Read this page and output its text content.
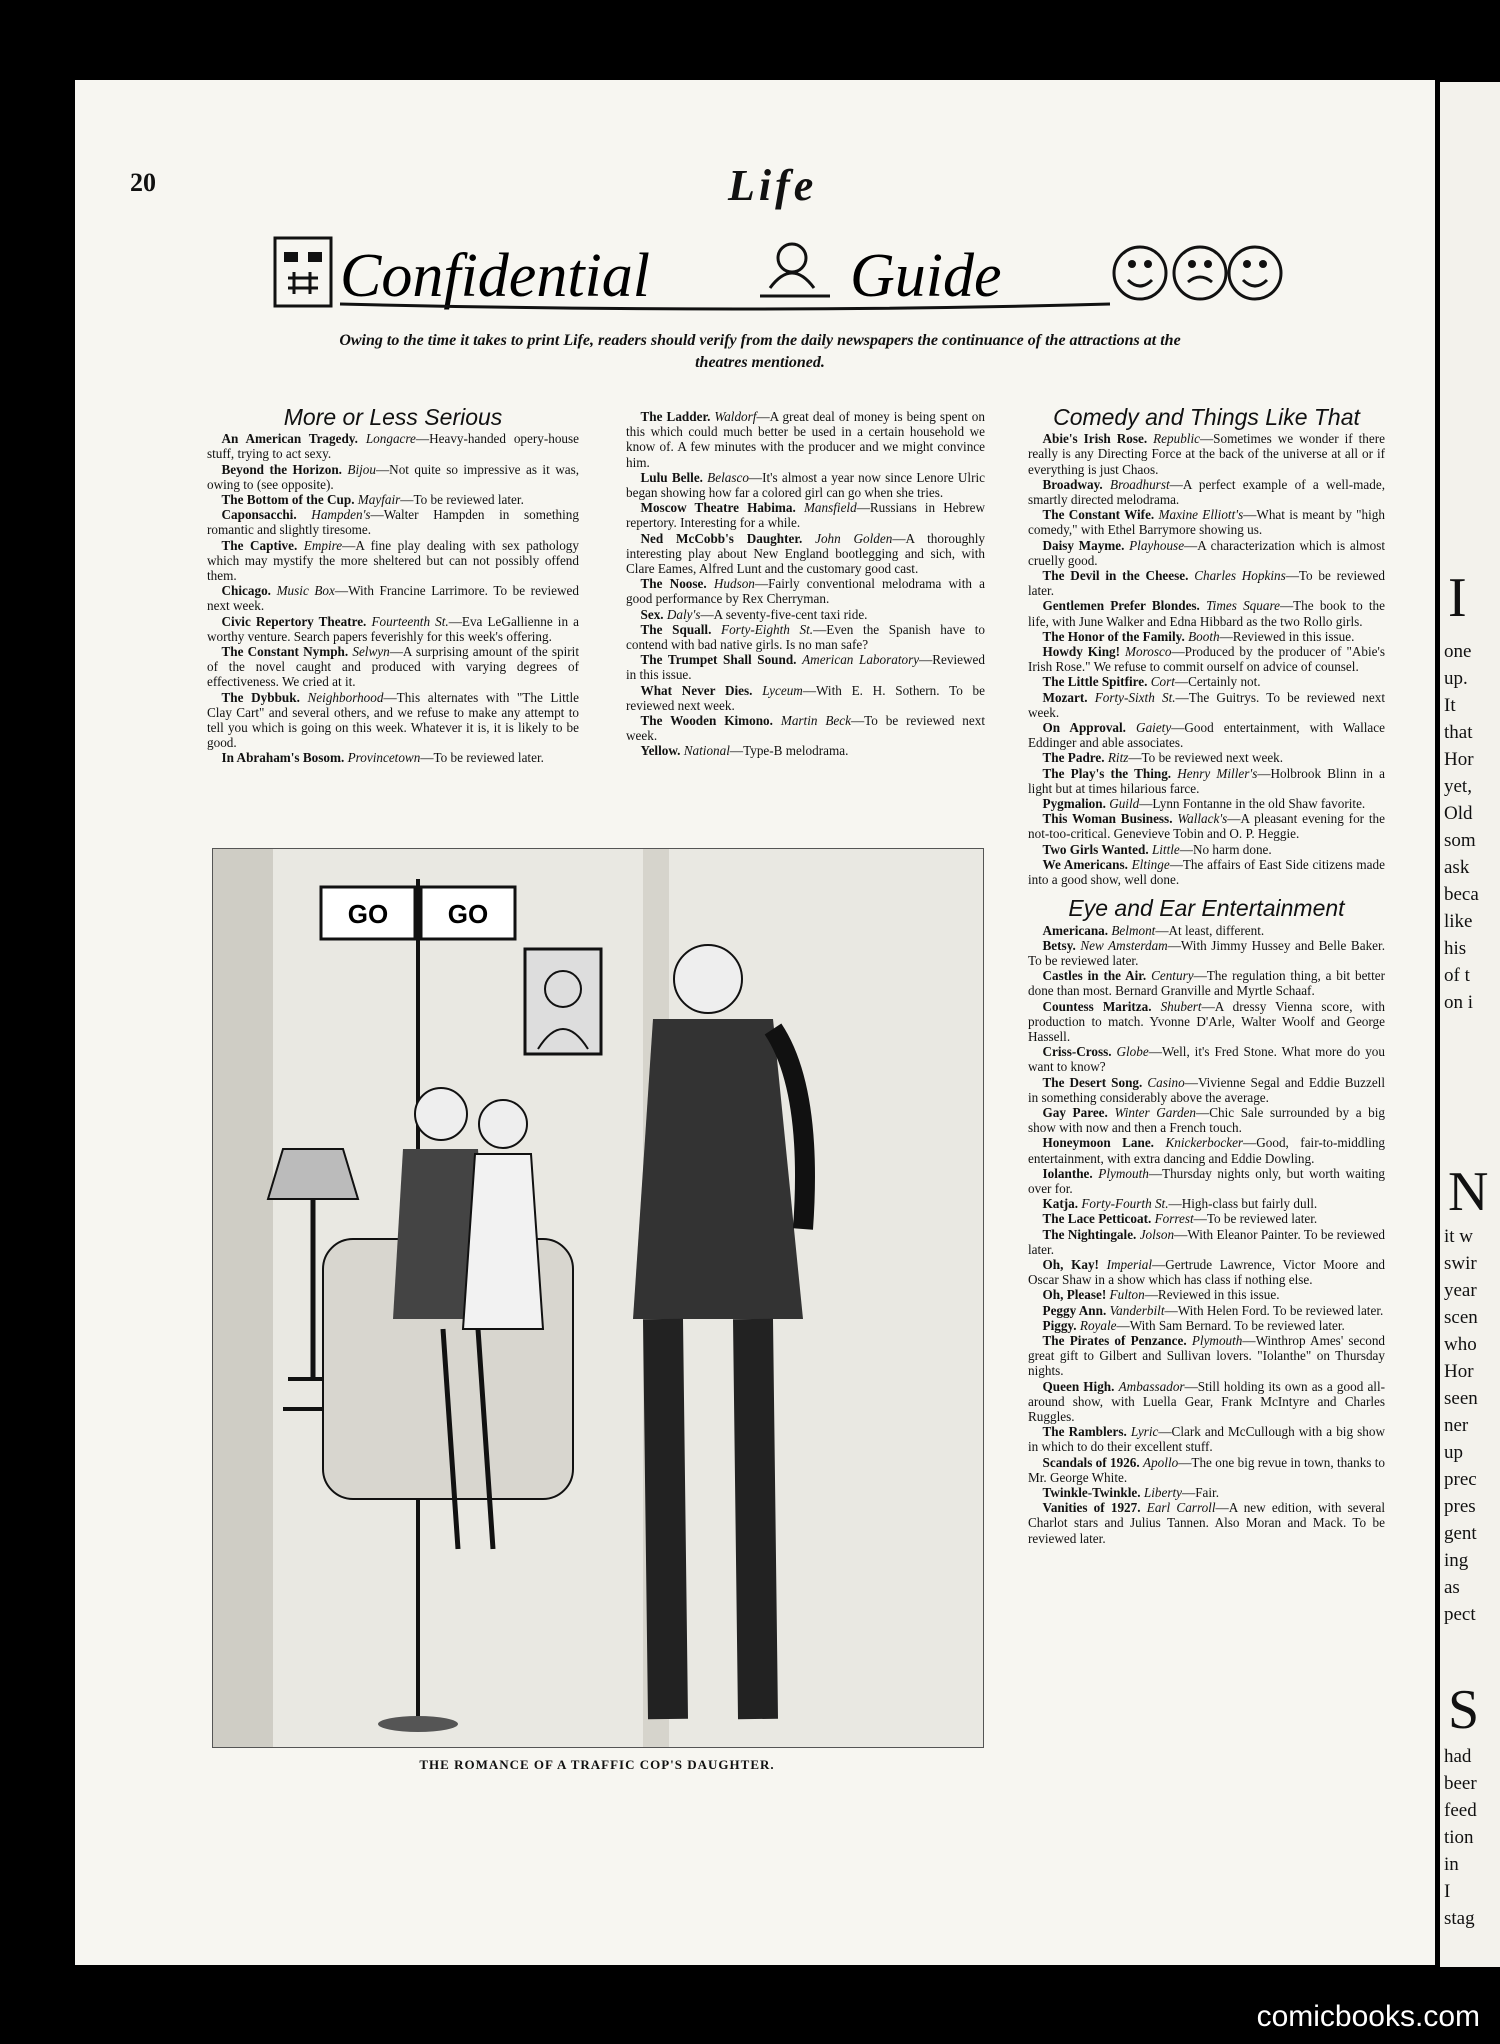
I
one
up.
It
that
Hor
yet,
Old
som
ask
beca
like
his
of t
on i
N
it w
swir
year
scen
who
Hor
seen
ner
up
prec
pres
gent
ing
as
pect
S
had
beer
feed
tion
in
I
stag
20	Life
Confidential	Guide
Owing to the time it takes to print Life, readers should verify from the daily newspapers the continuance of the attractions at the theatres mentioned.
More or Less Serious

An American Tragedy. Longacre—Heavy-handed opery-house stuff, trying to act sexy.

Beyond the Horizon. Bijou—Not quite so impressive as it was, owing to (see opposite).

The Bottom of the Cup. Mayfair—To be reviewed later.

Caponsacchi. Hampden's—Walter Hampden in something romantic and slightly tiresome.

The Captive. Empire—A fine play dealing with sex pathology which may mystify the more sheltered but can not possibly offend them.

Chicago. Music Box—With Francine Larrimore. To be reviewed next week.

Civic Repertory Theatre. Fourteenth St.—Eva LeGallienne in a worthy venture. Search papers feverishly for this week's offering.

The Constant Nymph. Selwyn—A surprising amount of the spirit of the novel caught and produced with varying degrees of effectiveness. We cried at it.

The Dybbuk. Neighborhood—This alternates with "The Little Clay Cart" and several others, and we refuse to make any attempt to tell you which is going on this week. Whatever it is, it is likely to be good.

In Abraham's Bosom. Provincetown—To be reviewed later.

The Ladder. Waldorf—A great deal of money is being spent on this which could much better be used in a certain household we know of. A few minutes with the producer and we might convince him.

Lulu Belle. Belasco—It's almost a year now since Lenore Ulric began showing how far a colored girl can go when she tries.

Moscow Theatre Habima. Mansfield—Russians in Hebrew repertory. Interesting for a while.

Ned McCobb's Daughter. John Golden—A thoroughly interesting play about New England bootlegging and sich, with Clare Eames, Alfred Lunt and the customary good cast.

The Noose. Hudson—Fairly conventional melodrama with a good performance by Rex Cherryman.

Sex. Daly's—A seventy-five-cent taxi ride.

The Squall. Forty-Eighth St.—Even the Spanish have to contend with bad native girls. Is no man safe?

The Trumpet Shall Sound. American Laboratory—Reviewed in this issue.

What Never Dies. Lyceum—With E. H. Sothern. To be reviewed next week.

The Wooden Kimono. Martin Beck—To be reviewed next week.

Yellow. National—Type-B melodrama.

Comedy and Things Like That

Abie's Irish Rose. Republic—Sometimes we wonder if there really is any Directing Force at the back of the universe at all or if everything is just Chaos.

Broadway. Broadhurst—A perfect example of a well-made, smartly directed melodrama.

The Constant Wife. Maxine Elliott's—What is meant by "high comedy," with Ethel Barrymore showing us.

Daisy Mayme. Playhouse—A characterization which is almost cruelly good.

The Devil in the Cheese. Charles Hopkins—To be reviewed later.

Gentlemen Prefer Blondes. Times Square—The book to the life, with June Walker and Edna Hibbard as the two Rollo girls.

The Honor of the Family. Booth—Reviewed in this issue.

Howdy King! Morosco—Produced by the producer of "Abie's Irish Rose." We refuse to commit ourself on advice of counsel.

The Little Spitfire. Cort—Certainly not.

Mozart. Forty-Sixth St.—The Guitrys. To be reviewed next week.

On Approval. Gaiety—Good entertainment, with Wallace Eddinger and able associates.

The Padre. Ritz—To be reviewed next week.

The Play's the Thing. Henry Miller's—Holbrook Blinn in a light but at times hilarious farce.

Pygmalion. Guild—Lynn Fontanne in the old Shaw favorite.

This Woman Business. Wallack's—A pleasant evening for the not-too-critical. Genevieve Tobin and O. P. Heggie.

Two Girls Wanted. Little—No harm done.

We Americans. Eltinge—The affairs of East Side citizens made into a good show, well done.

Eye and Ear Entertainment

Americana. Belmont—At least, different.

Betsy. New Amsterdam—With Jimmy Hussey and Belle Baker. To be reviewed later.

Castles in the Air. Century—The regulation thing, a bit better done than most. Bernard Granville and Myrtle Schaaf.

Countess Maritza. Shubert—A dressy Vienna score, with production to match. Yvonne D'Arle, Walter Woolf and George Hassell.

Criss-Cross. Globe—Well, it's Fred Stone. What more do you want to know?

The Desert Song. Casino—Vivienne Segal and Eddie Buzzell in something considerably above the average.

Gay Paree. Winter Garden—Chic Sale surrounded by a big show with now and then a French touch.

Honeymoon Lane. Knickerbocker—Good, fair-to-middling entertainment, with extra dancing and Eddie Dowling.

Iolanthe. Plymouth—Thursday nights only, but worth waiting over for.

Katja. Forty-Fourth St.—High-class but fairly dull.

The Lace Petticoat. Forrest—To be reviewed later.

The Nightingale. Jolson—With Eleanor Painter. To be reviewed later.

Oh, Kay! Imperial—Gertrude Lawrence, Victor Moore and Oscar Shaw in a show which has class if nothing else.

Oh, Please! Fulton—Reviewed in this issue.

Peggy Ann. Vanderbilt—With Helen Ford. To be reviewed later.

Piggy. Royale—With Sam Bernard. To be reviewed later.

The Pirates of Penzance. Plymouth—Winthrop Ames' second great gift to Gilbert and Sullivan lovers. "Iolanthe" on Thursday nights.

Queen High. Ambassador—Still holding its own as a good all-around show, with Luella Gear, Frank McIntyre and Charles Ruggles.

The Ramblers. Lyric—Clark and McCullough with a big show in which to do their excellent stuff.

Scandals of 1926. Apollo—The one big revue in town, thanks to Mr. George White.

Twinkle-Twinkle. Liberty—Fair.

Vanities of 1927. Earl Carroll—A new edition, with several Charlot stars and Julius Tannen. Also Moran and Mack. To be reviewed later.

GO GO
THE ROMANCE OF A TRAFFIC COP'S DAUGHTER.
comicbooks.com
